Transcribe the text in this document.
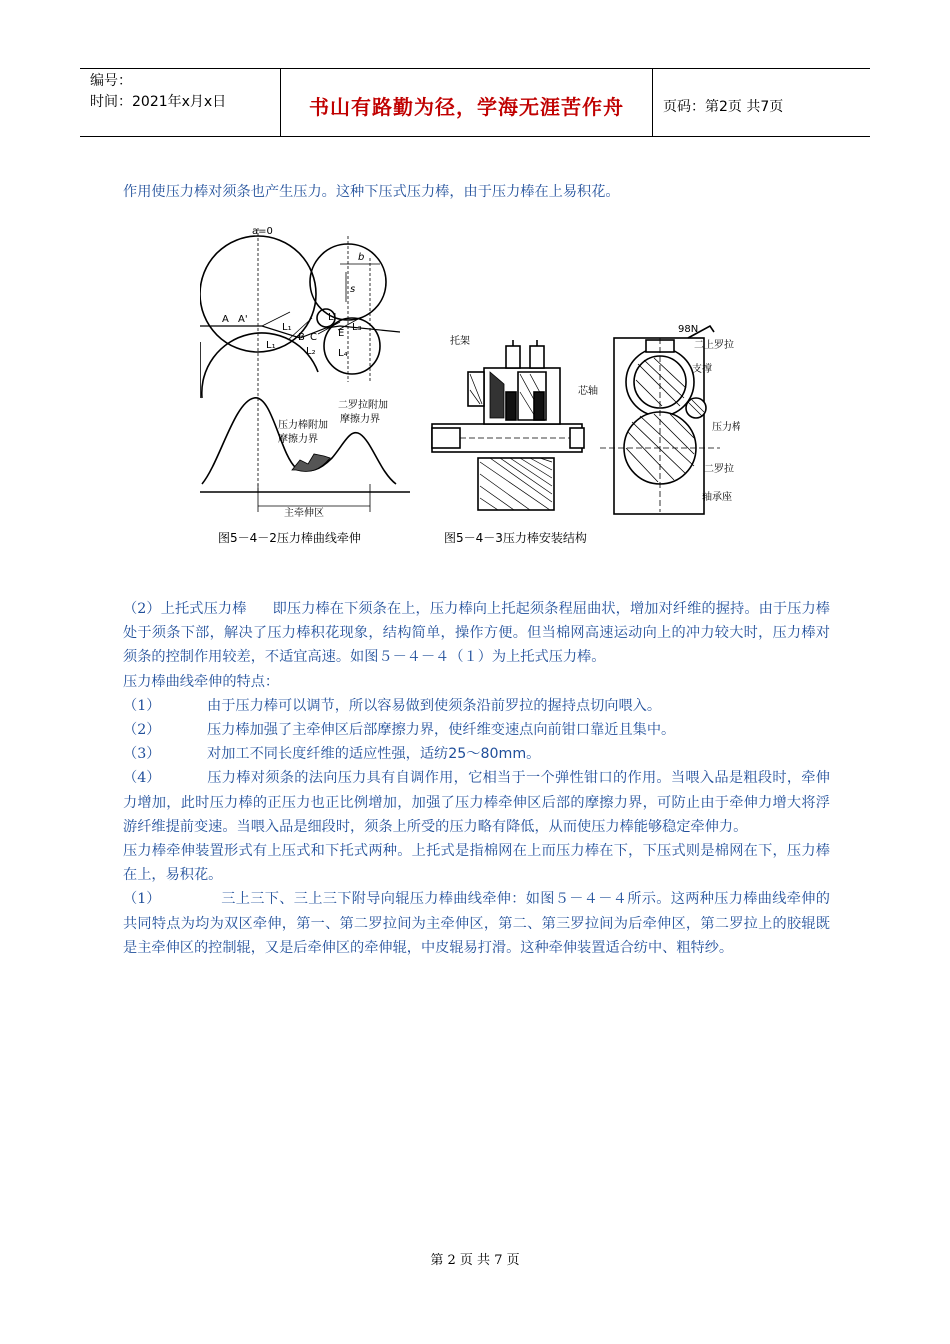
编号：
时间：2021年x月x日	书山有路勤为径，学海无涯苦作舟	页码：第2页 共7页

作用使压力棒对须条也产生压力。这种下压式压力棒，由于压力棒在上易积花。

a=0
b
s
A A'
L₁
L₁
B C E
L₂
L₃
L₄
L'
二罗拉附加
摩擦力界
压力棒附加
摩擦力界
主牵伸区
托架
芯轴
98N
二上罗拉
支撑
压力棒
二罗拉
轴承座
图5－4－2压力棒曲线牵伸	图5－4－3压力棒安装结构

（2）上托式压力棒 即压力棒在下须条在上，压力棒向上托起须条程屈曲状，增加对纤维的握持。由于压力棒处于须条下部，解决了压力棒积花现象，结构简单，操作方便。但当棉网高速运动向上的冲力较大时，压力棒对须条的控制作用较差，不适宜高速。如图５－４－４（１）为上托式压力棒。

压力棒曲线牵伸的特点：

（1）	由于压力棒可以调节，所以容易做到使须条沿前罗拉的握持点切向喂入。

（2）	压力棒加强了主牵伸区后部摩擦力界，使纤维变速点向前钳口靠近且集中。

（3）	对加工不同长度纤维的适应性强，适纺25～80mm。

（4）	压力棒对须条的法向压力具有自调作用，它相当于一个弹性钳口的作用。当喂入品是粗段时，牵伸力增加，此时压力棒的正压力也正比例增加，加强了压力棒牵伸区后部的摩擦力界，可防止由于牵伸力增大将浮游纤维提前变速。当喂入品是细段时，须条上所受的压力略有降低，从而使压力棒能够稳定牵伸力。

压力棒牵伸装置形式有上压式和下托式两种。上托式是指棉网在上而压力棒在下，下压式则是棉网在下，压力棒在上，易积花。

（1）	三上三下、三上三下附导向辊压力棒曲线牵伸：如图５－４－４所示。这两种压力棒曲线牵伸的共同特点为均为双区牵伸，第一、第二罗拉间为主牵伸区，第二、第三罗拉间为后牵伸区，第二罗拉上的胶辊既是主牵伸区的控制辊，又是后牵伸区的牵伸辊，中皮辊易打滑。这种牵伸装置适合纺中、粗特纱。

第 2 页 共 7 页
